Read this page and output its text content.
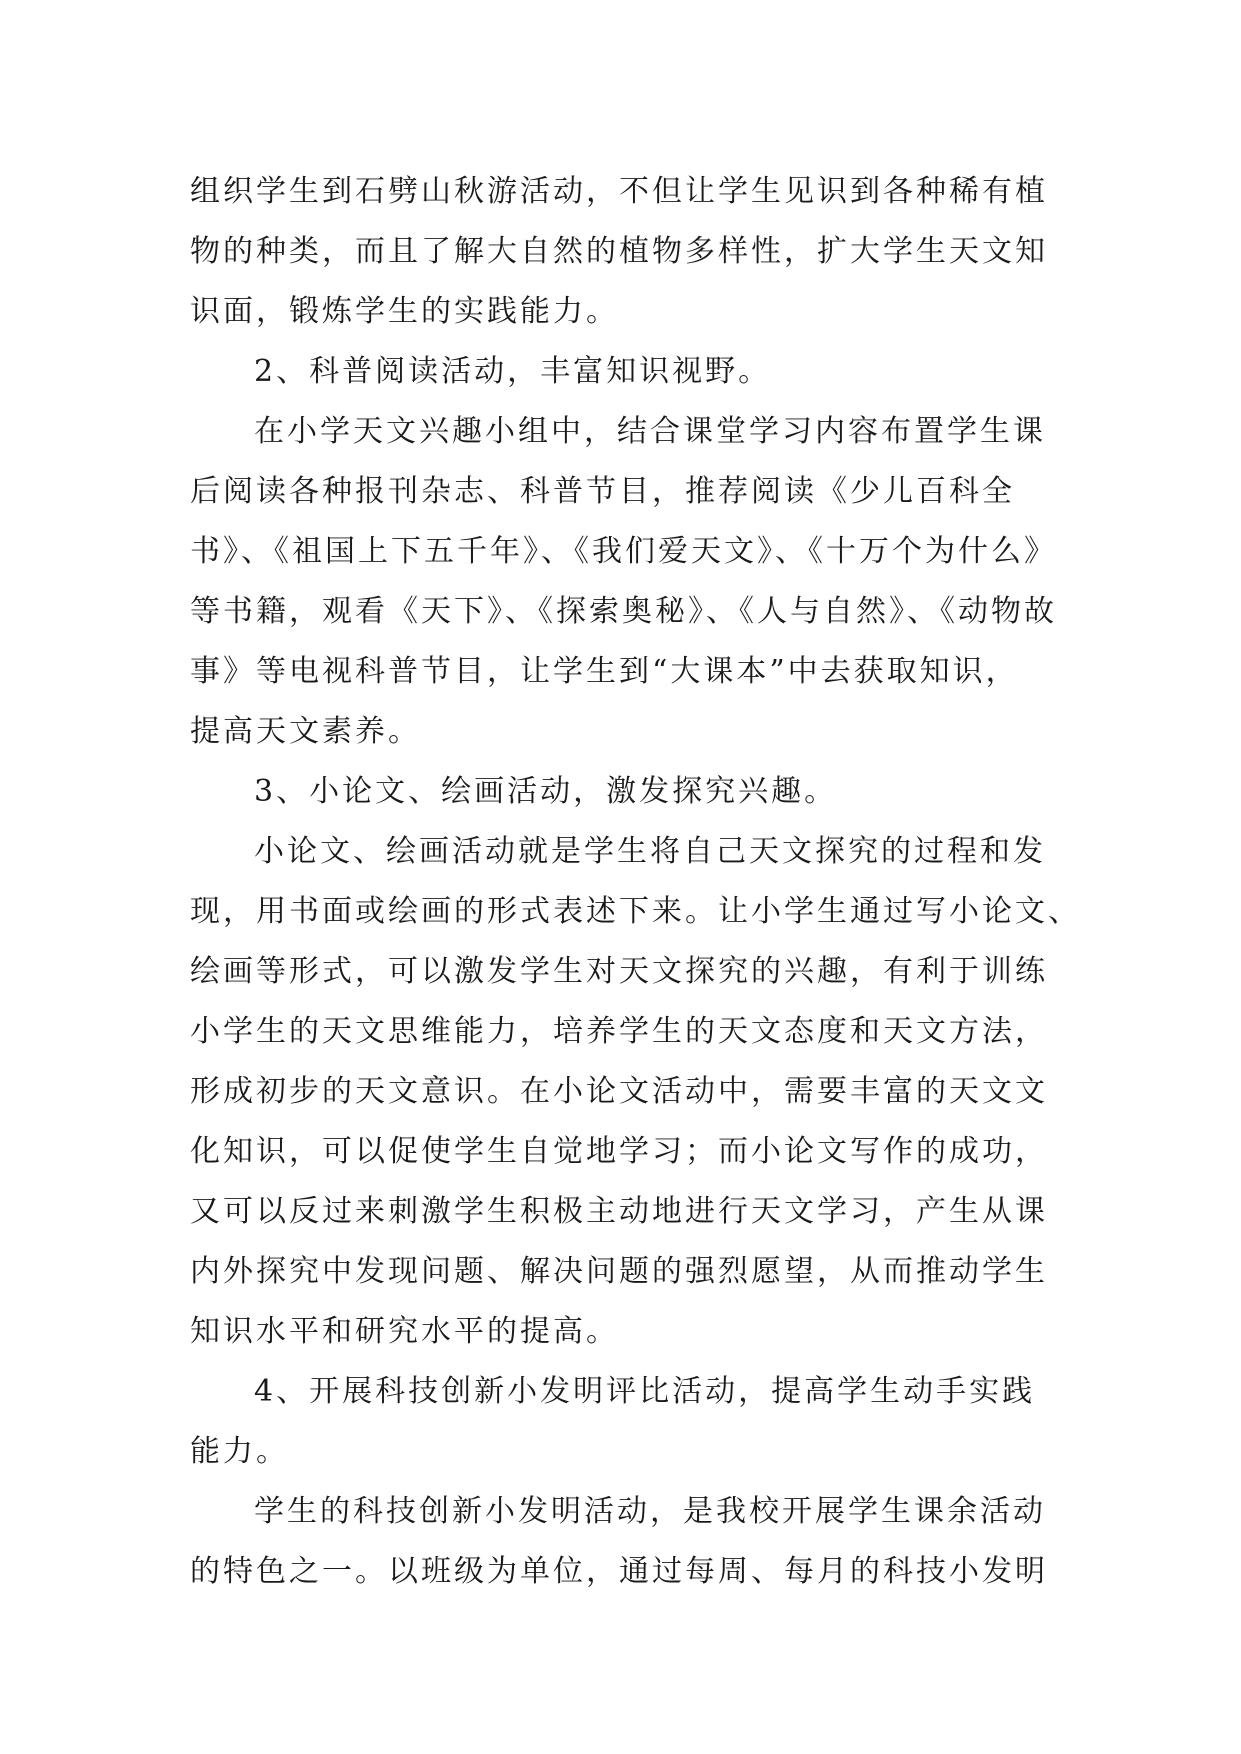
组织学生到石劈山秋游活动，不但让学生见识到各种稀有植
物的种类，而且了解大自然的植物多样性，扩大学生天文知
识面，锻炼学生的实践能力。
2、科普阅读活动，丰富知识视野。
在小学天文兴趣小组中，结合课堂学习内容布置学生课
后阅读各种报刊杂志、科普节目，推荐阅读《少儿百科全
书》、《祖国上下五千年》、《我们爱天文》、《十万个为什么》
等书籍，观看《天下》、《探索奥秘》、《人与自然》、《动物故
事》等电视科普节目，让学生到“大课本”中去获取知识，
提高天文素养。
3、小论文、绘画活动，激发探究兴趣。
小论文、绘画活动就是学生将自己天文探究的过程和发
现，用书面或绘画的形式表述下来。让小学生通过写小论文、
绘画等形式，可以激发学生对天文探究的兴趣，有利于训练
小学生的天文思维能力，培养学生的天文态度和天文方法，
形成初步的天文意识。在小论文活动中，需要丰富的天文文
化知识，可以促使学生自觉地学习；而小论文写作的成功，
又可以反过来刺激学生积极主动地进行天文学习，产生从课
内外探究中发现问题、解决问题的强烈愿望，从而推动学生
知识水平和研究水平的提高。
4、开展科技创新小发明评比活动，提高学生动手实践
能力。
学生的科技创新小发明活动，是我校开展学生课余活动
的特色之一。以班级为单位，通过每周、每月的科技小发明
